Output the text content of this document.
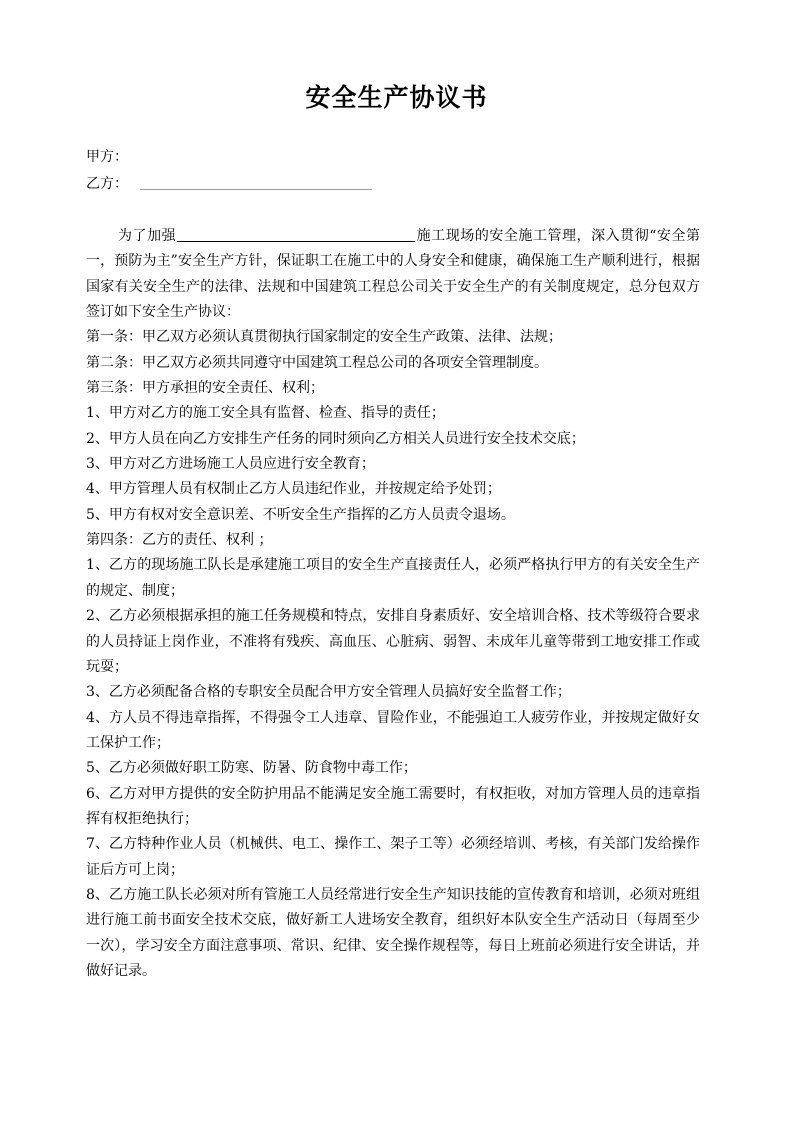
安全生产协议书
甲方：
乙方：

为了加强	施工现场的安全施工管理，深入贯彻“安全第一，预防为主”安全生产方针，保证职工在施工中的人身安全和健康，确保施工生产顺利进行，根据国家有关安全生产的法律、法规和中国建筑工程总公司关于安全生产的有关制度规定，总分包双方签订如下安全生产协议：

第一条：甲乙双方必须认真贯彻执行国家制定的安全生产政策、法律、法规；

第二条：甲乙双方必须共同遵守中国建筑工程总公司的各项安全管理制度。

第三条：甲方承担的安全责任、权利；

1、甲方对乙方的施工安全具有监督、检查、指导的责任；

2、甲方人员在向乙方安排生产任务的同时须向乙方相关人员进行安全技术交底；

3、甲方对乙方进场施工人员应进行安全教育；

4、甲方管理人员有权制止乙方人员违纪作业，并按规定给予处罚；

5、甲方有权对安全意识差、不听安全生产指挥的乙方人员责令退场。

第四条：乙方的责任、权利 ；

1、乙方的现场施工队长是承建施工项目的安全生产直接责任人，必须严格执行甲方的有关安全生产的规定、制度；

2、乙方必须根据承担的施工任务规模和特点，安排自身素质好、安全培训合格、技术等级符合要求的人员持证上岗作业，不准将有残疾、高血压、心脏病、弱智、未成年儿童等带到工地安排工作或玩耍；

3、乙方必须配备合格的专职安全员配合甲方安全管理人员搞好安全监督工作；

4、方人员不得违章指挥，不得强令工人违章、冒险作业，不能强迫工人疲劳作业，并按规定做好女工保护工作；

5、乙方必须做好职工防寒、防暑、防食物中毒工作；

6、乙方对甲方提供的安全防护用品不能满足安全施工需要时，有权拒收，对加方管理人员的违章指挥有权拒绝执行；

7、乙方特种作业人员（机械供、电工、操作工、架子工等）必须经培训、考核，有关部门发给操作证后方可上岗；

8、乙方施工队长必须对所有管施工人员经常进行安全生产知识技能的宣传教育和培训，必须对班组进行施工前书面安全技术交底，做好新工人进场安全教育，组织好本队安全生产活动日（每周至少一次），学习安全方面注意事项、常识、纪律、安全操作规程等，每日上班前必须进行安全讲话，并做好记录。
